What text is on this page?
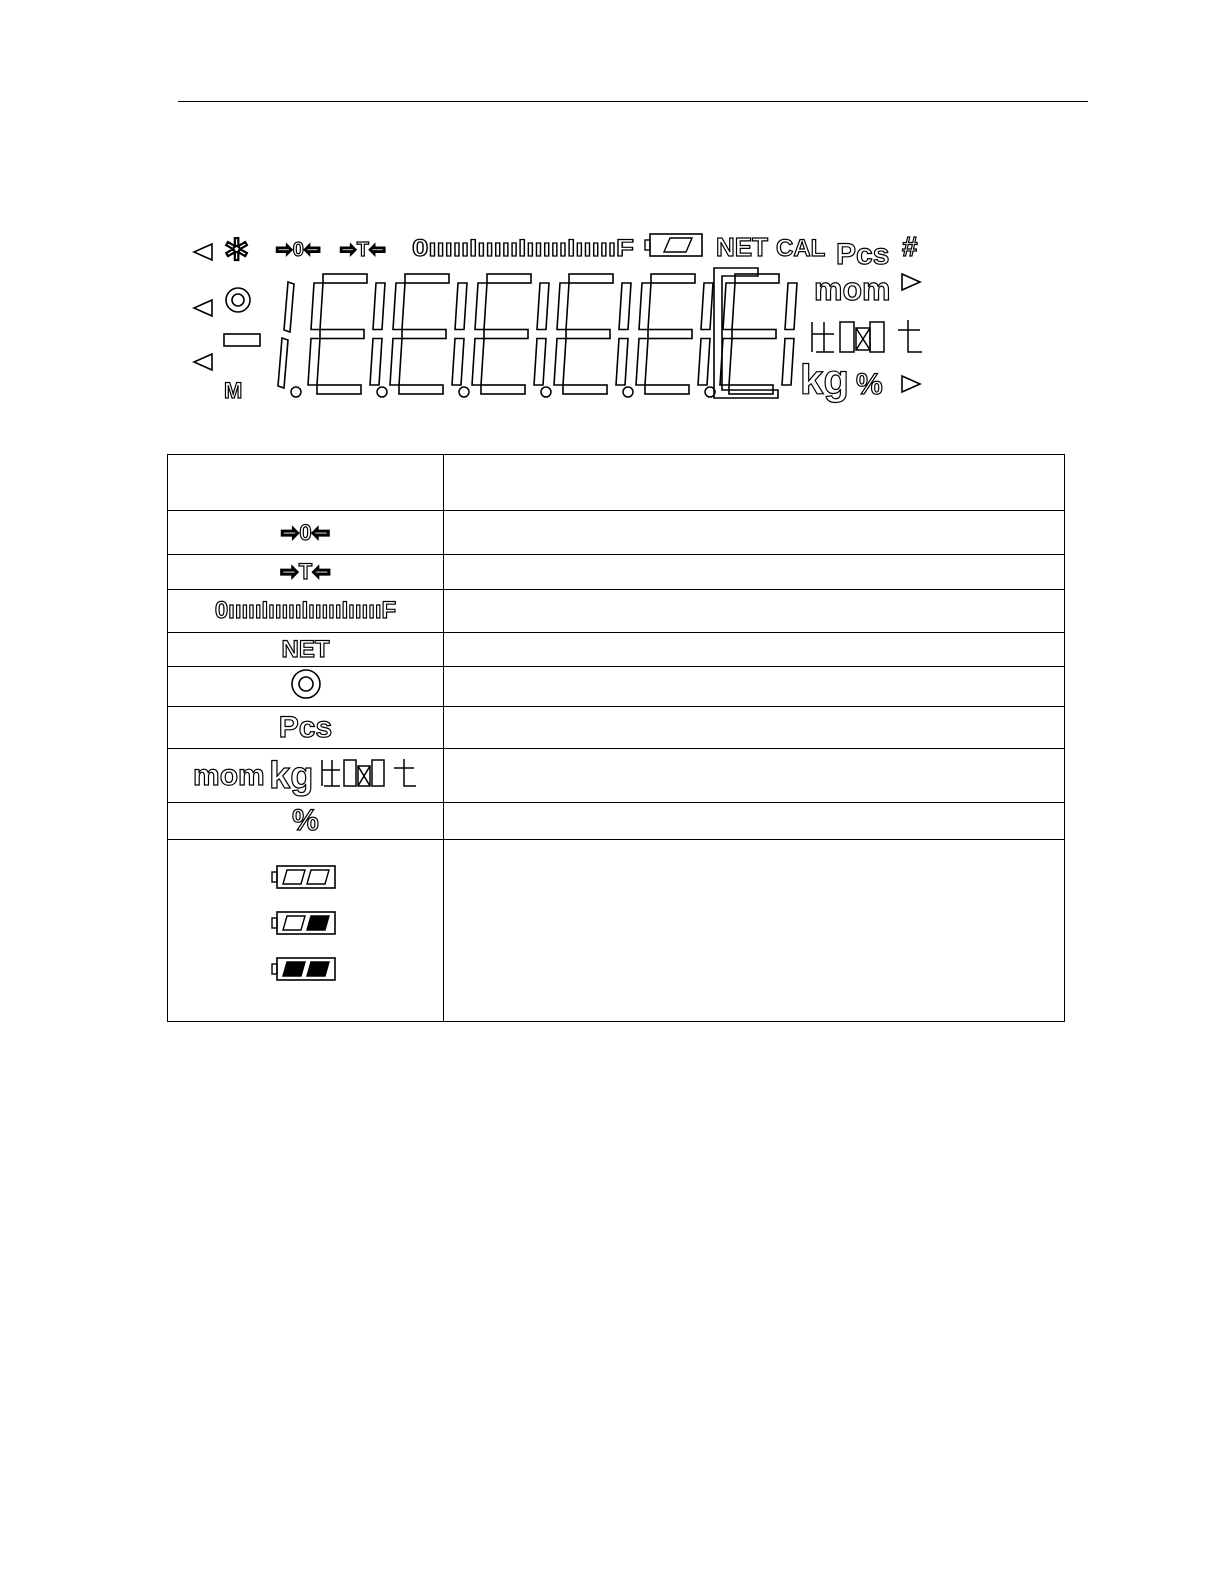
✲
M
⇨0⇦ ⇨T⇦ 0ıııııIıııııIıııııIıııııF	NET CAL Pcs #
mom
kg %

⇨0⇦	
⇨T⇦	
0ıııııIıııııIıııııIıııııF	
NET	

Pcs	
mom kg	
%	
